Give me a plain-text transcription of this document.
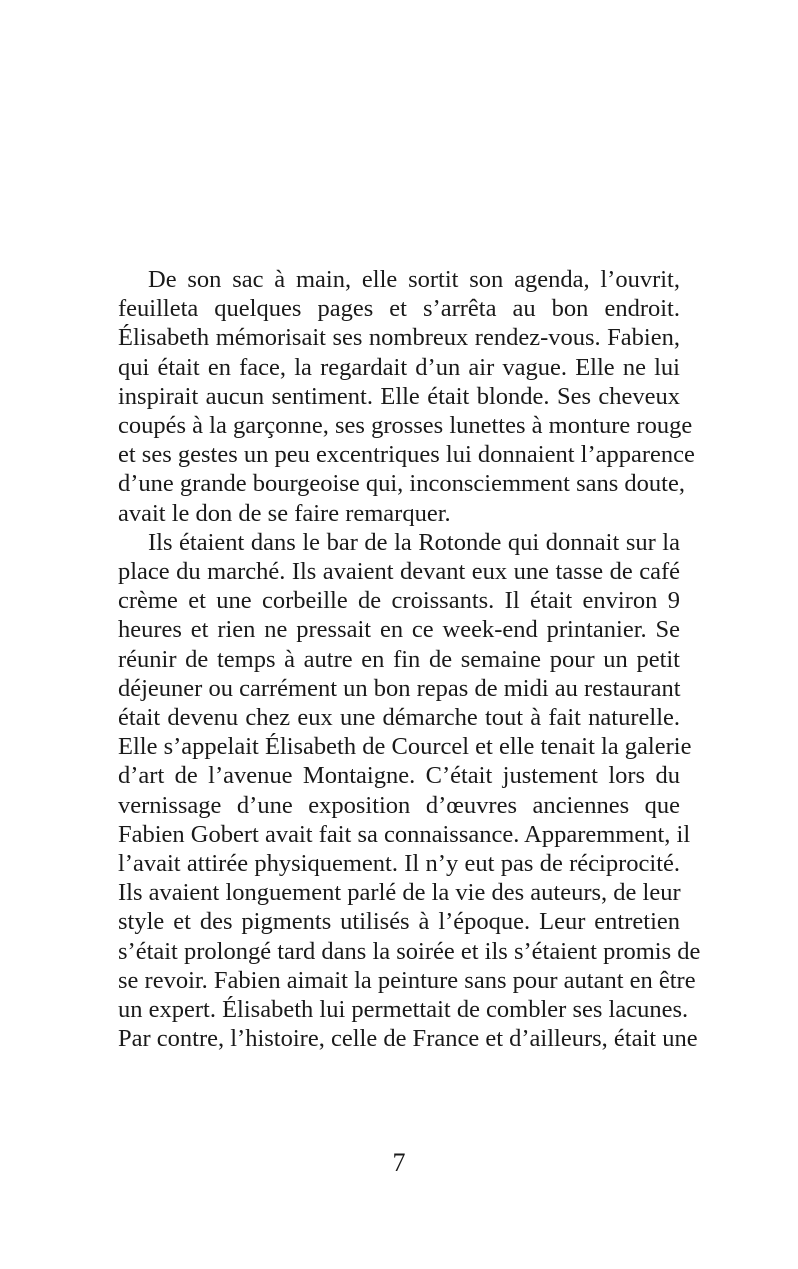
De son sac à main, elle sortit son agenda, l’ouvrit,
feuilleta quelques pages et s’arrêta au bon endroit.
Élisabeth mémorisait ses nombreux rendez-vous. Fabien,
qui était en face, la regardait d’un air vague. Elle ne lui
inspirait aucun sentiment. Elle était blonde. Ses cheveux
coupés à la garçonne, ses grosses lunettes à monture rouge
et ses gestes un peu excentriques lui donnaient l’apparence
d’une grande bourgeoise qui, inconsciemment sans doute,
avait le don de se faire remarquer.
Ils étaient dans le bar de la Rotonde qui donnait sur la
place du marché. Ils avaient devant eux une tasse de café
crème et une corbeille de croissants. Il était environ 9
heures et rien ne pressait en ce week-end printanier. Se
réunir de temps à autre en fin de semaine pour un petit
déjeuner ou carrément un bon repas de midi au restaurant
était devenu chez eux une démarche tout à fait naturelle.
Elle s’appelait Élisabeth de Courcel et elle tenait la galerie
d’art de l’avenue Montaigne. C’était justement lors du
vernissage d’une exposition d’œuvres anciennes que
Fabien Gobert avait fait sa connaissance. Apparemment, il
l’avait attirée physiquement. Il n’y eut pas de réciprocité.
Ils avaient longuement parlé de la vie des auteurs, de leur
style et des pigments utilisés à l’époque. Leur entretien
s’était prolongé tard dans la soirée et ils s’étaient promis de
se revoir. Fabien aimait la peinture sans pour autant en être
un expert. Élisabeth lui permettait de combler ses lacunes.
Par contre, l’histoire, celle de France et d’ailleurs, était une
7
